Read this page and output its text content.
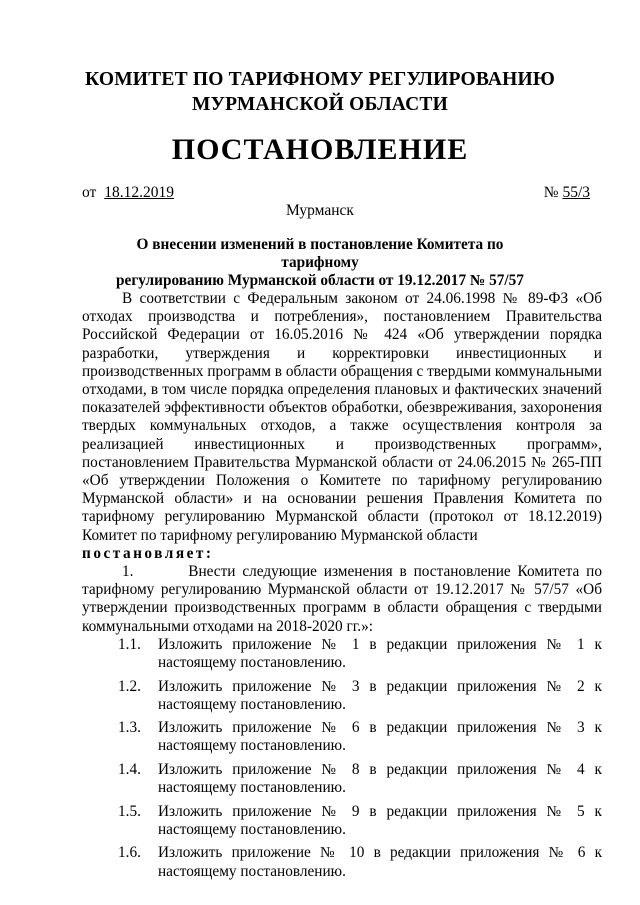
КОМИТЕТ ПО ТАРИФНОМУ РЕГУЛИРОВАНИЮ
МУРМАНСКОЙ ОБЛАСТИ
ПОСТАНОВЛЕНИЕ
от 18.12.2019	№ 55/3
Мурманск
О внесении изменений в постановление Комитета по тарифному
регулированию Мурманской области от 19.12.2017 № 57/57

В соответствии с Федеральным законом от 24.06.1998 № 89-ФЗ «Об отходах производства и потребления», постановлением Правительства Российской Федерации от 16.05.2016 № 424 «Об утверждении порядка разработки, утверждения и корректировки инвестиционных и производственных программ в области обращения с твердыми коммунальными отходами, в том числе порядка определения плановых и фактических значений показателей эффективности объектов обработки, обезвреживания, захоронения твердых коммунальных отходов, а также осуществления контроля за реализацией инвестиционных и производственных программ», постановлением Правительства Мурманской области от 24.06.2015 № 265-ПП «Об утверждении Положения о Комитете по тарифному регулированию Мурманской области» и на основании решения Правления Комитета по тарифному регулированию Мурманской области (протокол от 18.12.2019) Комитет по тарифному регулированию Мурманской области
постановляет:

1.	Внести следующие изменения в постановление Комитета по тарифному регулированию Мурманской области от 19.12.2017 № 57/57 «Об утверждении производственных программ в области обращения с твердыми коммунальными отходами на 2018-2020 гг.»:

1.1. Изложить приложение № 1 в редакции приложения № 1 к
настоящему постановлению.
1.2. Изложить приложение № 3 в редакции приложения № 2 к
настоящему постановлению.
1.3. Изложить приложение № 6 в редакции приложения № 3 к
настоящему постановлению.
1.4. Изложить приложение № 8 в редакции приложения № 4 к
настоящему постановлению.
1.5. Изложить приложение № 9 в редакции приложения № 5 к
настоящему постановлению.
1.6. Изложить приложение № 10 в редакции приложения № 6 к
настоящему постановлению.
